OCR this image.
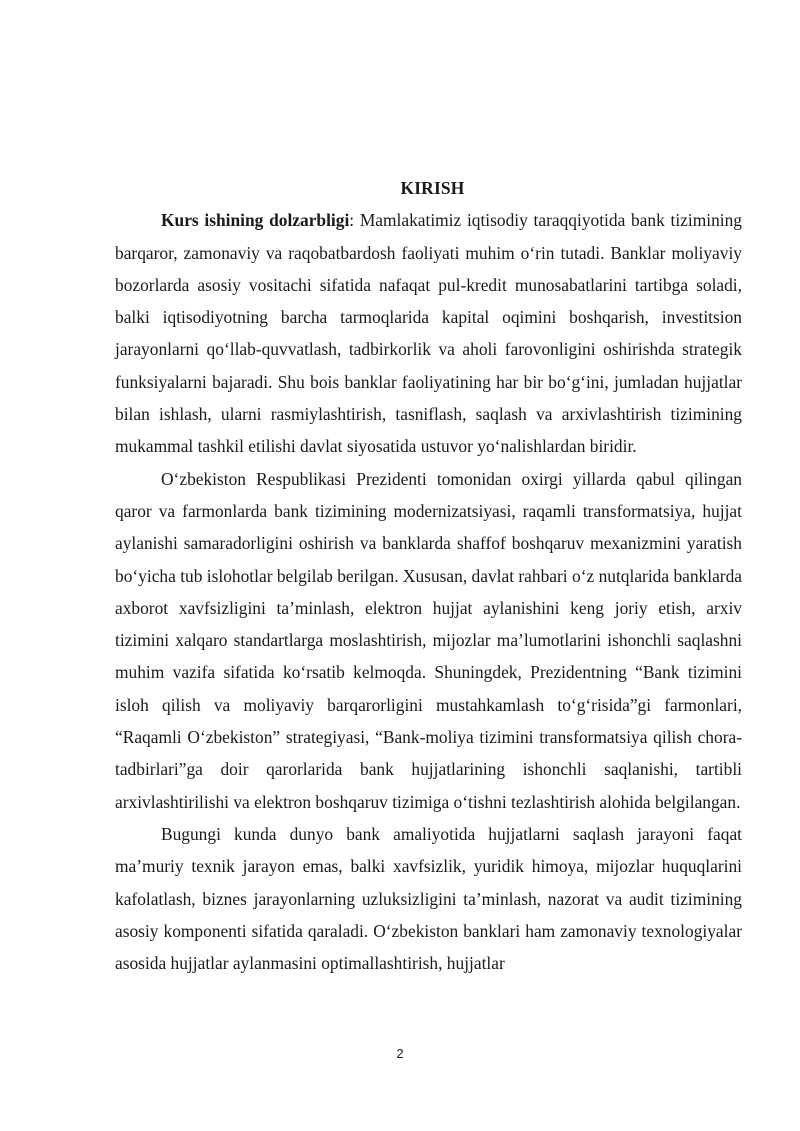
KIRISH

Kurs ishining dolzarbligi: Mamlakatimiz iqtisodiy taraqqiyotida bank tizimining barqaror, zamonaviy va raqobatbardosh faoliyati muhim o‘rin tutadi. Banklar moliyaviy bozorlarda asosiy vositachi sifatida nafaqat pul-kredit munosabatlarini tartibga soladi, balki iqtisodiyotning barcha tarmoqlarida kapital oqimini boshqarish, investitsion jarayonlarni qo‘llab-quvvatlash, tadbirkorlik va aholi farovonligini oshirishda strategik funksiyalarni bajaradi. Shu bois banklar faoliyatining har bir bo‘g‘ini, jumladan hujjatlar bilan ishlash, ularni rasmiylashtirish, tasniflash, saqlash va arxivlashtirish tizimining mukammal tashkil etilishi davlat siyosatida ustuvor yo‘nalishlardan biridir.

O‘zbekiston Respublikasi Prezidenti tomonidan oxirgi yillarda qabul qilingan qaror va farmonlarda bank tizimining modernizatsiyasi, raqamli transformatsiya, hujjat aylanishi samaradorligini oshirish va banklarda shaffof boshqaruv mexanizmini yaratish bo‘yicha tub islohotlar belgilab berilgan. Xususan, davlat rahbari o‘z nutqlarida banklarda axborot xavfsizligini ta’minlash, elektron hujjat aylanishini keng joriy etish, arxiv tizimini xalqaro standartlarga moslashtirish, mijozlar ma’lumotlarini ishonchli saqlashni muhim vazifa sifatida ko‘rsatib kelmoqda. Shuningdek, Prezidentning “Bank tizimini isloh qilish va moliyaviy barqarorligini mustahkamlash to‘g‘risida”gi farmonlari, “Raqamli O‘zbekiston” strategiyasi, “Bank-moliya tizimini transformatsiya qilish chora-tadbirlari”ga doir qarorlarida bank hujjatlarining ishonchli saqlanishi, tartibli arxivlashtirilishi va elektron boshqaruv tizimiga o‘tishni tezlashtirish alohida belgilangan.

Bugungi kunda dunyo bank amaliyotida hujjatlarni saqlash jarayoni faqat ma’muriy texnik jarayon emas, balki xavfsizlik, yuridik himoya, mijozlar huquqlarini kafolatlash, biznes jarayonlarning uzluksizligini ta’minlash, nazorat va audit tizimining asosiy komponenti sifatida qaraladi. O‘zbekiston banklari ham zamonaviy texnologiyalar asosida hujjatlar aylanmasini optimallashtirish, hujjatlar

2
